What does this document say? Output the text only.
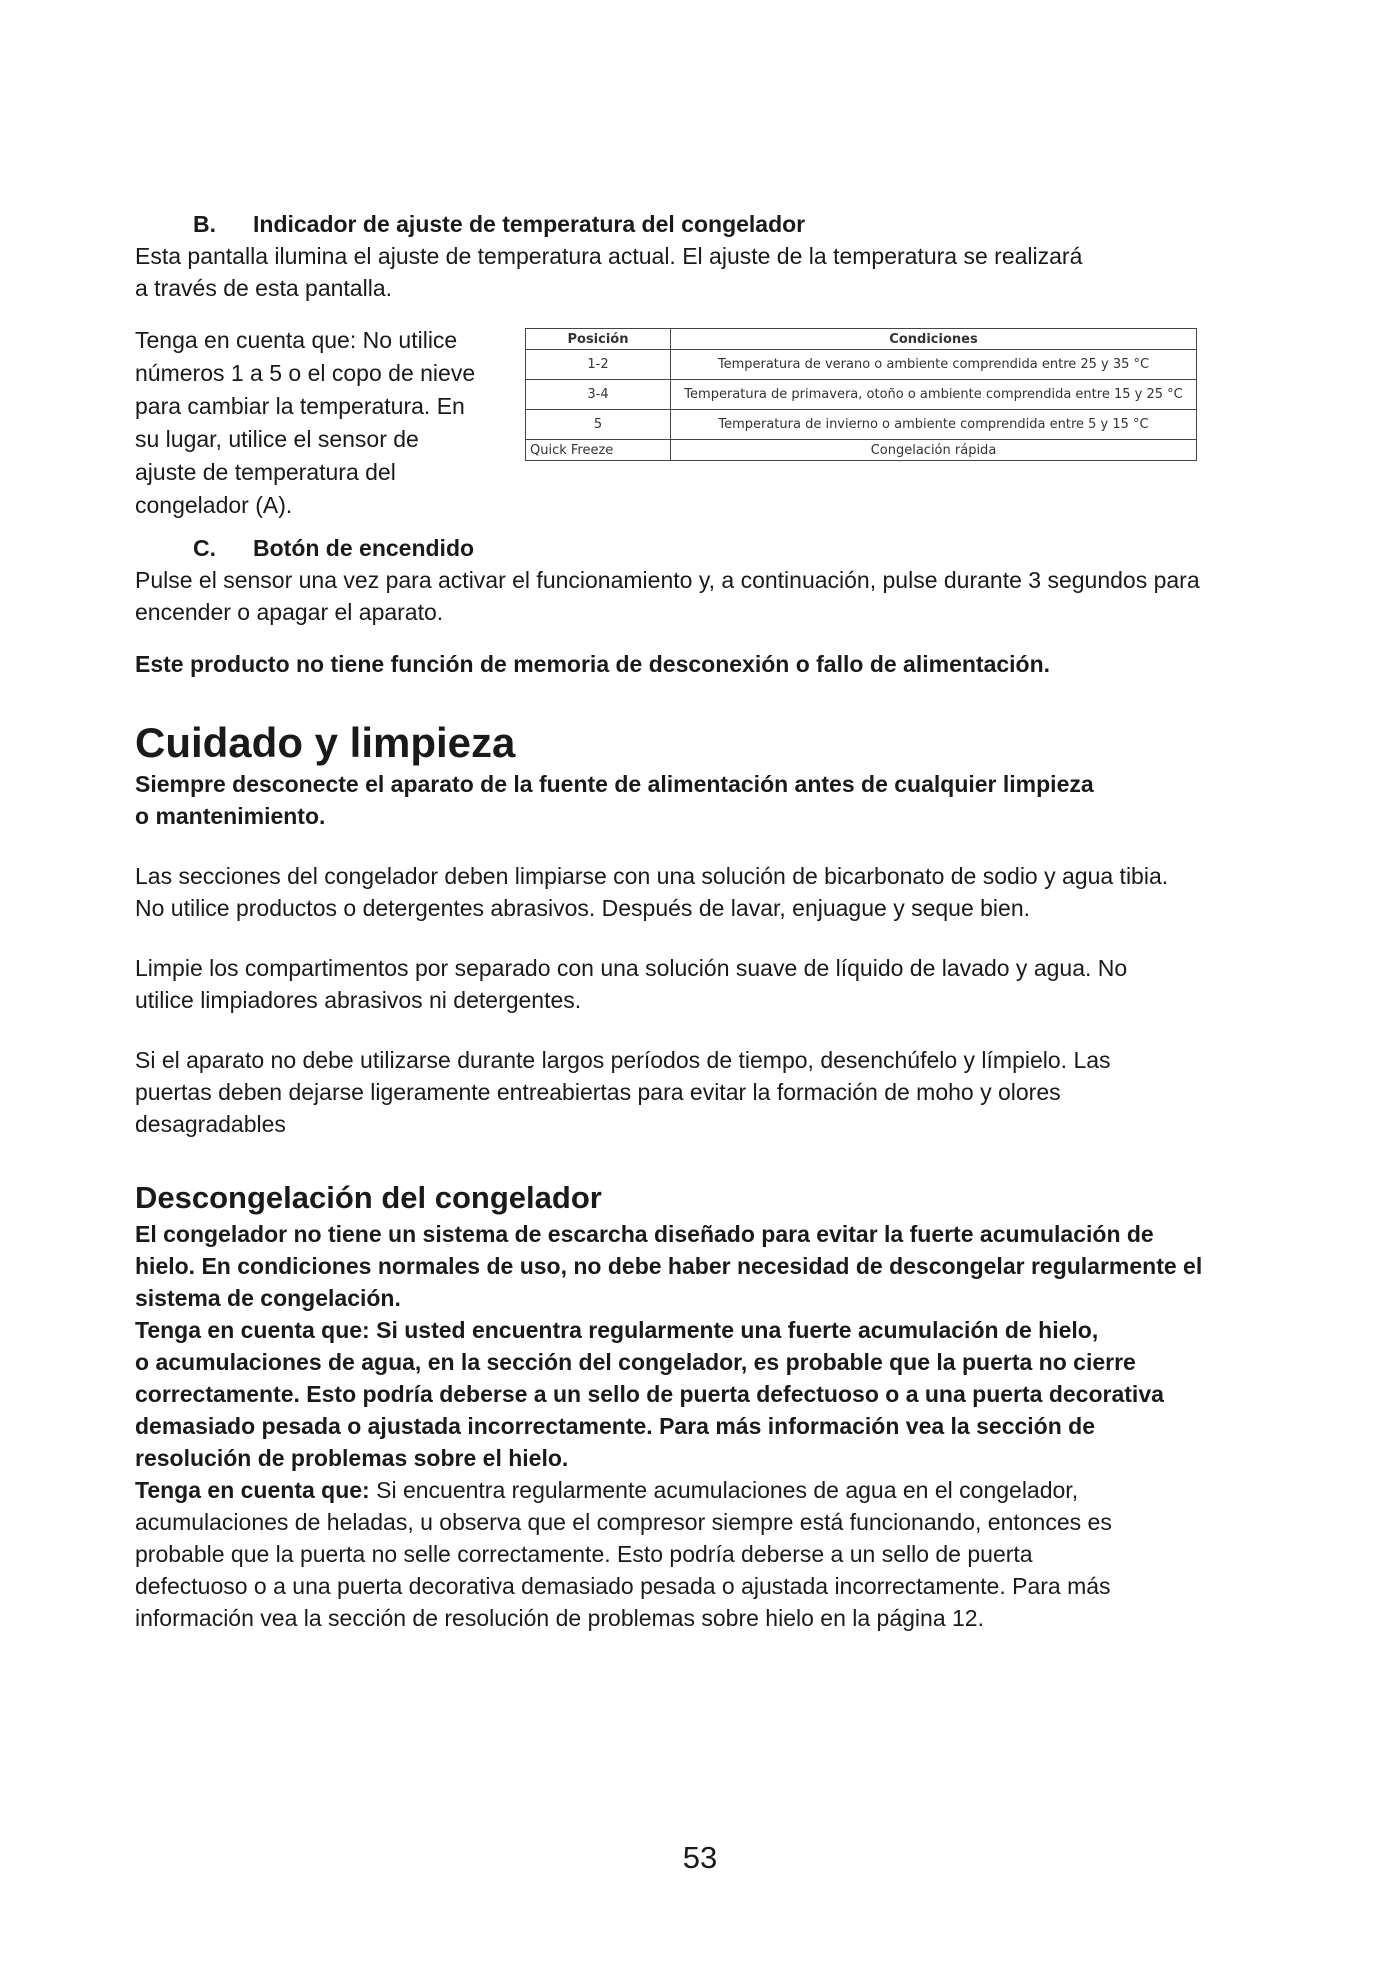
B.	Indicador de ajuste de temperatura del congelador

Esta pantalla ilumina el ajuste de temperatura actual. El ajuste de la temperatura se realizará

a través de esta pantalla.

Tenga en cuenta que: No utilice

números 1 a 5 o el copo de nieve

para cambiar la temperatura. En

su lugar, utilice el sensor de

ajuste de temperatura del

congelador (A).

Posición	Condiciones
1-2	Temperatura de verano o ambiente comprendida entre 25 y 35 °C
3-4	Temperatura de primavera, otoño o ambiente comprendida entre 15 y 25 °C
5	Temperatura de invierno o ambiente comprendida entre 5 y 15 °C
Quick Freeze	Congelación rápida
C.	Botón de encendido

Pulse el sensor una vez para activar el funcionamiento y, a continuación, pulse durante 3 segundos para

encender o apagar el aparato.

Este producto no tiene función de memoria de desconexión o fallo de alimentación.

Cuidado y limpieza

Siempre desconecte el aparato de la fuente de alimentación antes de cualquier limpieza

o mantenimiento.

Las secciones del congelador deben limpiarse con una solución de bicarbonato de sodio y agua tibia.

No utilice productos o detergentes abrasivos. Después de lavar, enjuague y seque bien.

Limpie los compartimentos por separado con una solución suave de líquido de lavado y agua. No

utilice limpiadores abrasivos ni detergentes.

Si el aparato no debe utilizarse durante largos períodos de tiempo, desenchúfelo y límpielo. Las

puertas deben dejarse ligeramente entreabiertas para evitar la formación de moho y olores

desagradables

Descongelación del congelador

El congelador no tiene un sistema de escarcha diseñado para evitar la fuerte acumulación de

hielo. En condiciones normales de uso, no debe haber necesidad de descongelar regularmente el

sistema de congelación.

Tenga en cuenta que: Si usted encuentra regularmente una fuerte acumulación de hielo,

o acumulaciones de agua, en la sección del congelador, es probable que la puerta no cierre

correctamente. Esto podría deberse a un sello de puerta defectuoso o a una puerta decorativa

demasiado pesada o ajustada incorrectamente. Para más información vea la sección de

resolución de problemas sobre el hielo.

Tenga en cuenta que: Si encuentra regularmente acumulaciones de agua en el congelador,

acumulaciones de heladas, u observa que el compresor siempre está funcionando, entonces es

probable que la puerta no selle correctamente. Esto podría deberse a un sello de puerta

defectuoso o a una puerta decorativa demasiado pesada o ajustada incorrectamente. Para más

información vea la sección de resolución de problemas sobre hielo en la página 12.

53
